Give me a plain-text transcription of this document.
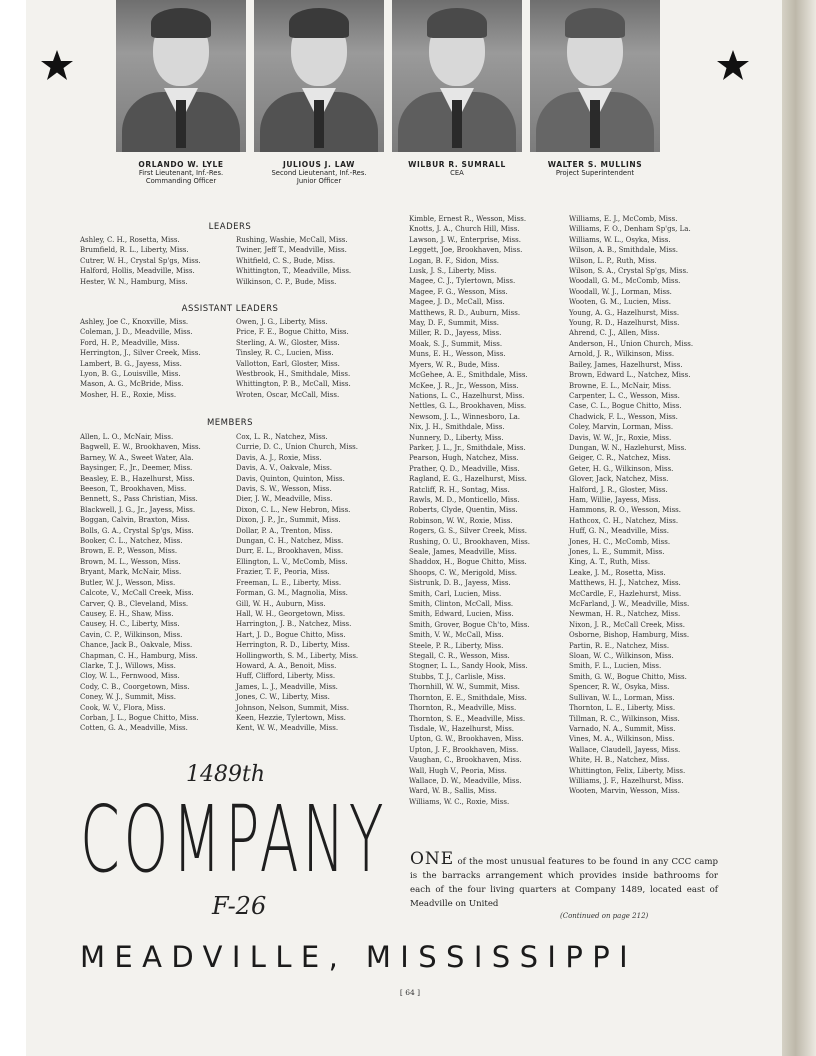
ORLANDO W. LYLE
First Lieutenant, Inf.-Res.
Commanding Officer
JULIOUS J. LAW
Second Lieutenant, Inf.-Res.
Junior Officer
WILBUR R. SUMRALL
CEA
WALTER S. MULLINS
Project Superintendent
LEADERS
Ashley, C. H., Rosetta, Miss.
Brumfield, R. L., Liberty, Miss.
Cutrer, W. H., Crystal Sp'gs, Miss.
Halford, Hollis, Meadville, Miss.
Hester, W. N., Hamburg, Miss.
Rushing, Washie, McCall, Miss.
Twiner, Jeff T., Meadville, Miss.
Whitfield, C. S., Bude, Miss.
Whittington, T., Meadville, Miss.
Wilkinson, C. P., Bude, Miss.
ASSISTANT LEADERS
Ashley, Joe C., Knoxville, Miss.
Coleman, J. D., Meadville, Miss.
Ford, H. P., Meadville, Miss.
Herrington, J., Silver Creek, Miss.
Lambert, B. G., Jayess, Miss.
Lyon, B. G., Louisville, Miss.
Mason, A. G., McBride, Miss.
Mosher, H. E., Roxie, Miss.
Owen, J. G., Liberty, Miss.
Price, F. E., Bogue Chitto, Miss.
Sterling, A. W., Gloster, Miss.
Tinsley, R. C., Lucien, Miss.
Vallotton, Earl, Gloster, Miss.
Westbrook, H., Smithdale, Miss.
Whittington, P. B., McCall, Miss.
Wroten, Oscar, McCall, Miss.
MEMBERS
Allen, L. O., McNair, Miss.
Bagwell, E. W., Brookhaven, Miss.
Barney, W. A., Sweet Water, Ala.
Baysinger, F., Jr., Deemer, Miss.
Beasley, E. B., Hazelhurst, Miss.
Beeson, T., Brookhaven, Miss.
Bennett, S., Pass Christian, Miss.
Blackwell, J. G., Jr., Jayess, Miss.
Boggan, Calvin, Braxton, Miss.
Bolls, G. A., Crystal Sp'gs, Miss.
Booker, C. L., Natchez, Miss.
Brown, E. P., Wesson, Miss.
Brown, M. L., Wesson, Miss.
Bryant, Mark, McNair, Miss.
Butler, W. J., Wesson, Miss.
Calcote, V., McCall Creek, Miss.
Carver, Q. B., Cleveland, Miss.
Causey, E. H., Shaw, Miss.
Causey, H. C., Liberty, Miss.
Cavin, C. P., Wilkinson, Miss.
Chance, Jack B., Oakvale, Miss.
Chapman, C. H., Hamburg, Miss.
Clarke, T. J., Willows, Miss.
Cloy, W. L., Fernwood, Miss.
Cody, C. B., Coorgetown, Miss.
Coney, W. J., Summit, Miss.
Cook, W. V., Flora, Miss.
Corban, J. L., Bogue Chitto, Miss.
Cotten, G. A., Meadville, Miss.
Cox, L. R., Natchez, Miss.
Currie, D. C., Union Church, Miss.
Davis, A. J., Roxie, Miss.
Davis, A. V., Oakvale, Miss.
Davis, Quinton, Quinton, Miss.
Davis, S. W., Wesson, Miss.
Dier, J. W., Meadville, Miss.
Dixon, C. L., New Hebron, Miss.
Dixon, J. P., Jr., Summit, Miss.
Dollar, P. A., Trenton, Miss.
Dungan, C. H., Natchez, Miss.
Durr, E. L., Brookhaven, Miss.
Ellington, L. V., McComb, Miss.
Frazier, T. F., Peoria, Miss.
Freeman, L. E., Liberty, Miss.
Forman, G. M., Magnolia, Miss.
Gill, W. H., Auburn, Miss.
Hall, W. H., Georgetown, Miss.
Harrington, J. B., Natchez, Miss.
Hart, J. D., Bogue Chitto, Miss.
Herrington, R. D., Liberty, Miss.
Hollingworth, S. M., Liberty, Miss.
Howard, A. A., Benoit, Miss.
Huff, Clifford, Liberty, Miss.
James, L. J., Meadville, Miss.
Jones, C. W., Liberty, Miss.
Johnson, Nelson, Summit, Miss.
Keen, Hezzie, Tylertown, Miss.
Kent, W. W., Meadville, Miss.
Kimble, Ernest R., Wesson, Miss.
Knotts, J. A., Church Hill, Miss.
Lawson, J. W., Enterprise, Miss.
Leggett, Joe, Brookhaven, Miss.
Logan, B. F., Sidon, Miss.
Lusk, J. S., Liberty, Miss.
Magee, C. J., Tylertown, Miss.
Magee, F. G., Wesson, Miss.
Magee, J. D., McCall, Miss.
Matthews, R. D., Auburn, Miss.
May, D. F., Summit, Miss.
Miller, R. D., Jayess, Miss.
Moak, S. J., Summit, Miss.
Muns, E. H., Wesson, Miss.
Myers, W. R., Bude, Miss.
McGehee, A. E., Smithdale, Miss.
McKee, J. R., Jr., Wesson, Miss.
Nations, L. C., Hazelhurst, Miss.
Nettles, G. L., Brookhaven, Miss.
Newsom, J. L., Winnesboro, La.
Nix, J. H., Smithdale, Miss.
Nunnery, D., Liberty, Miss.
Parker, J. L., Jr., Smithdale, Miss.
Pearson, Hugh, Natchez, Miss.
Prather, Q. D., Meadville, Miss.
Ragland, E. G., Hazelhurst, Miss.
Ratcliff, R. H., Sontag, Miss.
Rawls, M. D., Monticello, Miss.
Roberts, Clyde, Quentin, Miss.
Robinson, W. W., Roxie, Miss.
Rogers, G. S., Silver Creek, Miss.
Rushing, O. U., Brookhaven, Miss.
Seale, James, Meadville, Miss.
Shaddox, H., Bogue Chitto, Miss.
Shoops, C. W., Merigold, Miss.
Sistrunk, D. B., Jayess, Miss.
Smith, Carl, Lucien, Miss.
Smith, Clinton, McCall, Miss.
Smith, Edward, Lucien, Miss.
Smith, Grover, Bogue Ch'to, Miss.
Smith, V. W., McCall, Miss.
Steele, P. R., Liberty, Miss.
Stegall, C. R., Wesson, Miss.
Stogner, L. L., Sandy Hook, Miss.
Stubbs, T. J., Carlisle, Miss.
Thornhill, W. W., Summit, Miss.
Thornton, E. E., Smithdale, Miss.
Thornton, R., Meadville, Miss.
Thornton, S. E., Meadville, Miss.
Tisdale, W., Hazelhurst, Miss.
Upton, G. W., Brookhaven, Miss.
Upton, J. F., Brookhaven, Miss.
Vaughan, C., Brookhaven, Miss.
Wall, Hugh V., Peoria, Miss.
Wallace, D. W., Meadville, Miss.
Ward, W. B., Sallis, Miss.
Williams, W. C., Roxie, Miss.
Williams, E. J., McComb, Miss.
Williams, F. O., Denham Sp'gs, La.
Williams, W. L., Osyka, Miss.
Wilson, A. B., Smithdale, Miss.
Wilson, L. P., Ruth, Miss.
Wilson, S. A., Crystal Sp'gs, Miss.
Woodall, G. M., McComb, Miss.
Woodall, W. J., Lorman, Miss.
Wooten, G. M., Lucien, Miss.
Young, A. G., Hazelhurst, Miss.
Young, R. D., Hazelhurst, Miss.
Ahrend, C. J., Allen, Miss.
Anderson, H., Union Church, Miss.
Arnold, J. R., Wilkinson, Miss.
Bailey, James, Hazelhurst, Miss.
Brown, Edward L., Natchez, Miss.
Browne, E. L., McNair, Miss.
Carpenter, L. C., Wesson, Miss.
Case, C. L., Bogue Chitto, Miss.
Chadwick, F. L., Wesson, Miss.
Coley, Marvin, Lorman, Miss.
Davis, W. W., Jr., Roxie, Miss.
Dungan, W. N., Hazlehurst, Miss.
Geiger, C. R., Natchez, Miss.
Geter, H. G., Wilkinson, Miss.
Glover, Jack, Natchez, Miss.
Halford, J. R., Gloster, Miss.
Ham, Willie, Jayess, Miss.
Hammons, R. O., Wesson, Miss.
Hathcox, C. H., Natchez, Miss.
Huff, G. N., Meadville, Miss.
Jones, H. C., McComb, Miss.
Jones, L. E., Summit, Miss.
King, A. T., Ruth, Miss.
Leake, J. M., Rosetta, Miss.
Matthews, H. J., Natchez, Miss.
McCardle, F., Hazlehurst, Miss.
McFarland, J. W., Meadville, Miss.
Newman, H. R., Natchez, Miss.
Nixon, J. R., McCall Creek, Miss.
Osborne, Bishop, Hamburg, Miss.
Partin, R. E., Natchez, Miss.
Sloan, W. C., Wilkinson, Miss.
Smith, F. L., Lucien, Miss.
Smith, G. W., Bogue Chitto, Miss.
Spencer, R. W., Osyka, Miss.
Sullivan, W. L., Lorman, Miss.
Thornton, L. E., Liberty, Miss.
Tillman, R. C., Wilkinson, Miss.
Varnado, N. A., Summit, Miss.
Vines, M. A., Wilkinson, Miss.
Wallace, Claudell, Jayess, Miss.
White, H. B., Natchez, Miss.
Whittington, Felix, Liberty, Miss.
Williams, J. F., Hazelhurst, Miss.
Wooten, Marvin, Wesson, Miss.
1489th
COMPANY
F-26
ONE of the most unusual features to be found in any CCC camp is the barracks arrangement which provides inside bathrooms for each of the four living quarters at Company 1489, located east of Meadville on United
(Continued on page 212)
MEADVILLE, MISSISSIPPI
[ 64 ]
